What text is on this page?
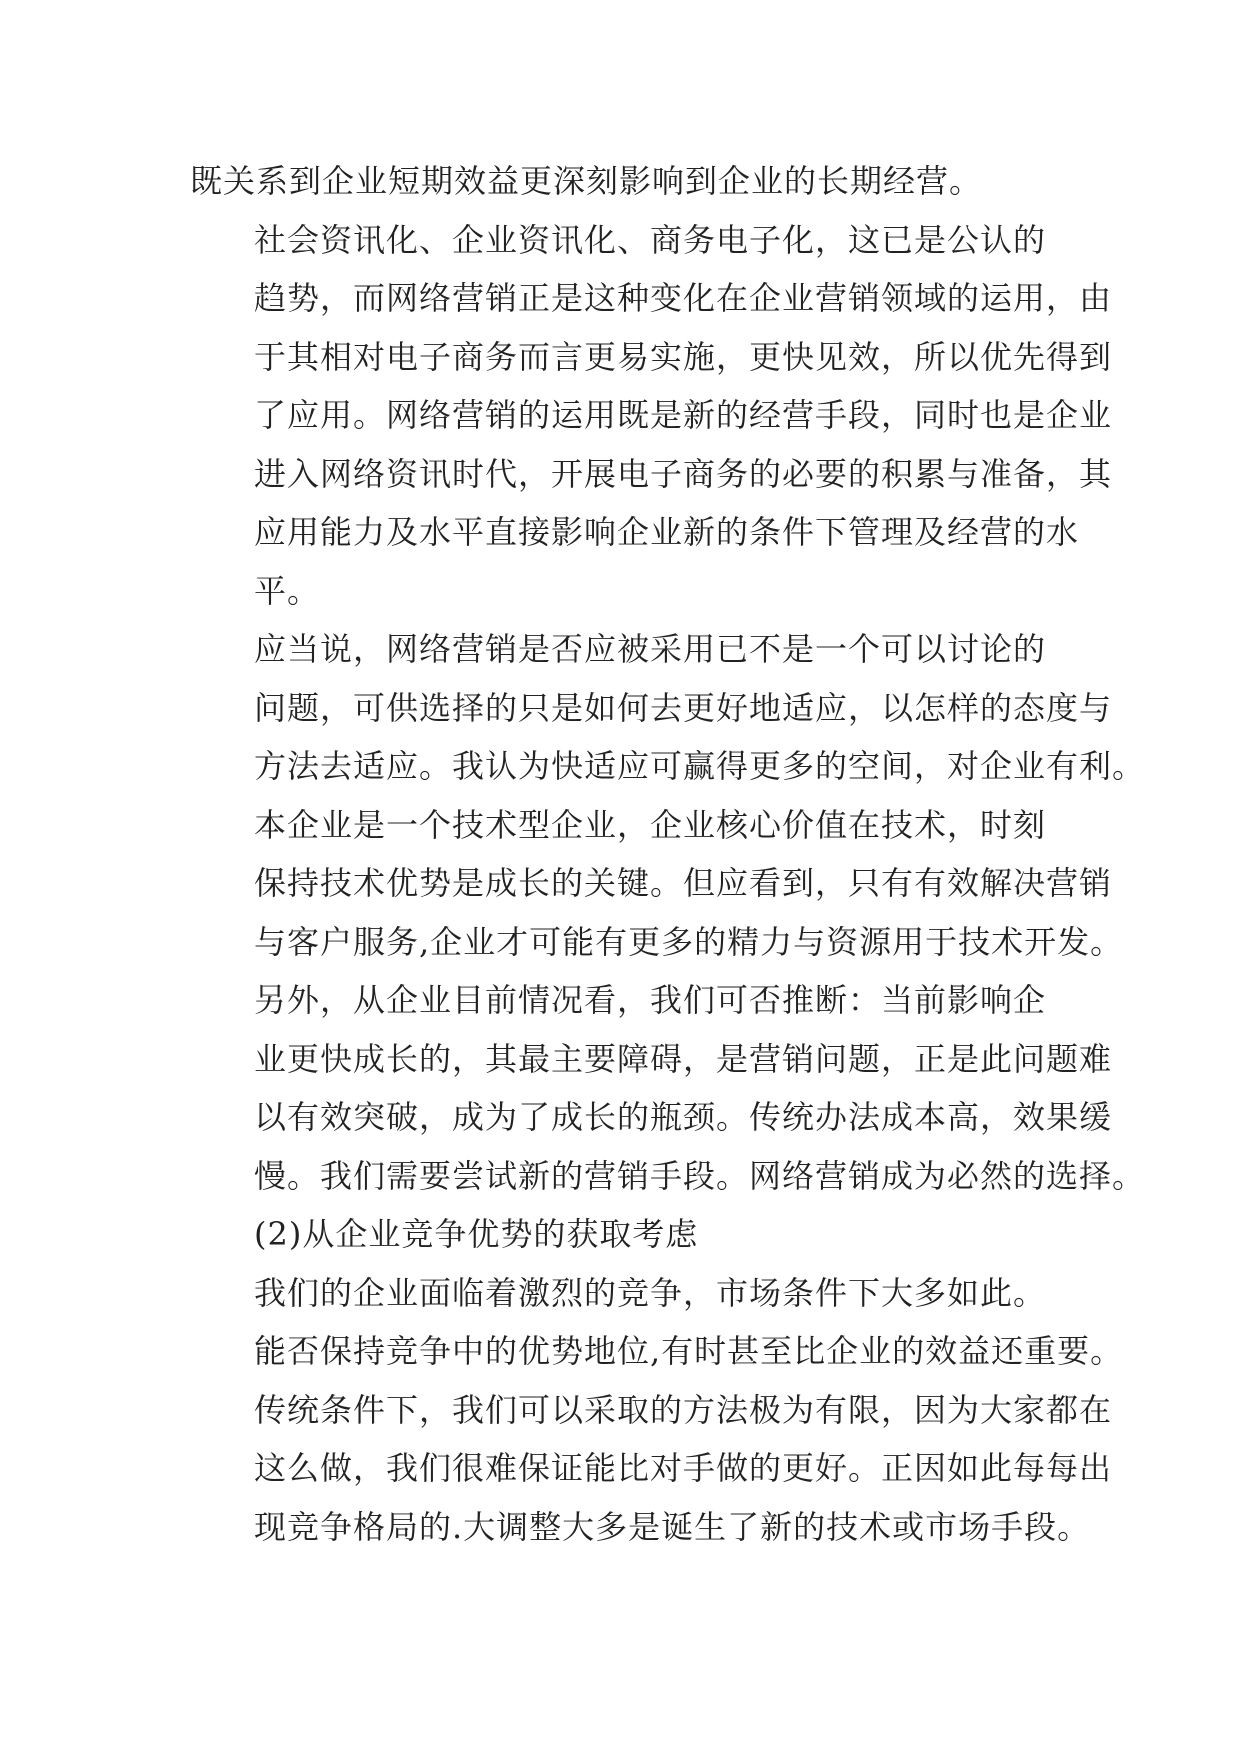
既关系到企业短期效益更深刻影响到企业的长期经营。
社会资讯化、企业资讯化、商务电子化，这已是公认的
趋势，而网络营销正是这种变化在企业营销领域的运用，由
于其相对电子商务而言更易实施，更快见效，所以优先得到
了应用。网络营销的运用既是新的经营手段，同时也是企业
进入网络资讯时代，开展电子商务的必要的积累与准备，其
应用能力及水平直接影响企业新的条件下管理及经营的水
平。
应当说，网络营销是否应被采用已不是一个可以讨论的
问题，可供选择的只是如何去更好地适应，以怎样的态度与
方法去适应。我认为快适应可赢得更多的空间，对企业有利。
本企业是一个技术型企业，企业核心价值在技术，时刻
保持技术优势是成长的关键。但应看到，只有有效解决营销
与客户服务,企业才可能有更多的精力与资源用于技术开发。
另外，从企业目前情况看，我们可否推断：当前影响企
业更快成长的，其最主要障碍，是营销问题，正是此问题难
以有效突破，成为了成长的瓶颈。传统办法成本高，效果缓
慢。我们需要尝试新的营销手段。网络营销成为必然的选择。
(2)从企业竞争优势的获取考虑
我们的企业面临着激烈的竞争，市场条件下大多如此。
能否保持竞争中的优势地位,有时甚至比企业的效益还重要。
传统条件下，我们可以采取的方法极为有限，因为大家都在
这么做，我们很难保证能比对手做的更好。正因如此每每出
现竞争格局的.大调整大多是诞生了新的技术或市场手段。
